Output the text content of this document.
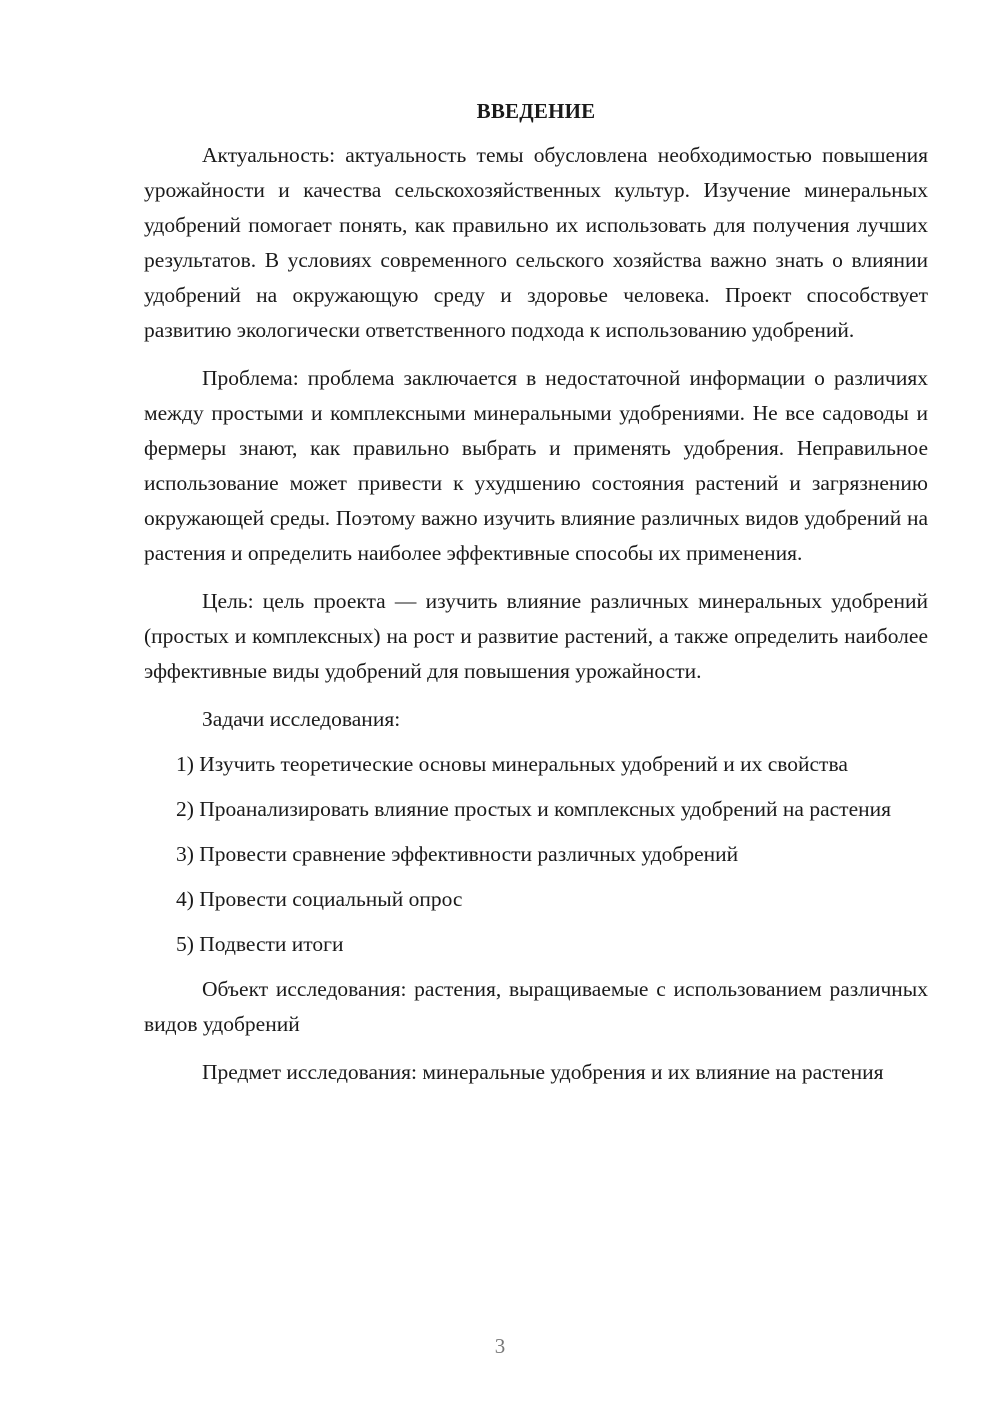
ВВЕДЕНИЕ

Актуальность: актуальность темы обусловлена необходимостью повышения урожайности и качества сельскохозяйственных культур. Изучение минеральных удобрений помогает понять, как правильно их использовать для получения лучших результатов. В условиях современного сельского хозяйства важно знать о влиянии удобрений на окружающую среду и здоровье человека. Проект способствует развитию экологически ответственного подхода к использованию удобрений.

Проблема: проблема заключается в недостаточной информации о различиях между простыми и комплексными минеральными удобрениями. Не все садоводы и фермеры знают, как правильно выбрать и применять удобрения. Неправильное использование может привести к ухудшению состояния растений и загрязнению окружающей среды. Поэтому важно изучить влияние различных видов удобрений на растения и определить наиболее эффективные способы их применения.

Цель: цель проекта — изучить влияние различных минеральных удобрений (простых и комплексных) на рост и развитие растений, а также определить наиболее эффективные виды удобрений для повышения урожайности.

Задачи исследования:

1) Изучить теоретические основы минеральных удобрений и их свойства

2) Проанализировать влияние простых и комплексных удобрений на растения

3) Провести сравнение эффективности различных удобрений

4) Провести социальный опрос

5) Подвести итоги

Объект исследования: растения, выращиваемые с использованием различных видов удобрений

Предмет исследования: минеральные удобрения и их влияние на растения

3
